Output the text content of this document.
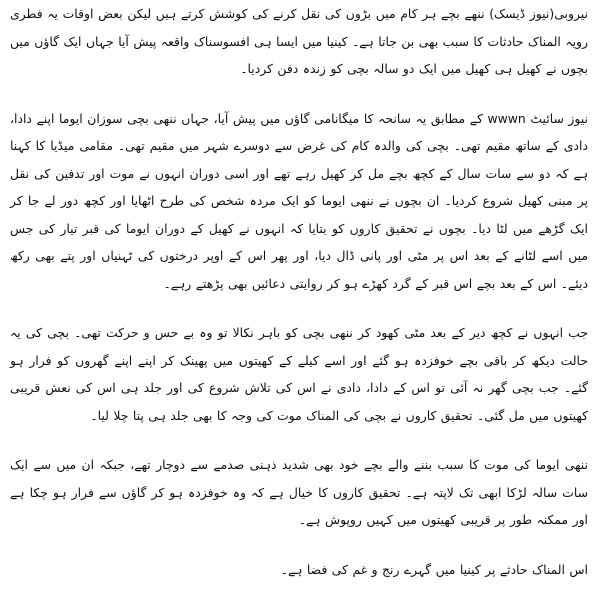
نیروبی(نیوز ڈیسک) ننھے بچے ہر کام میں بڑوں کی نقل کرنے کی کوشش کرتے ہیں لیکن بعض اوقات یہ فطری رویہ المناک حادثات کا سبب بھی بن جاتا ہے۔ کینیا میں ایسا ہی افسوسناک واقعہ پیش آیا جہاں ایک گاؤں میں بچوں نے کھیل ہی کھیل میں ایک دو سالہ بچی کو زندہ دفن کردیا۔

نیوز سائیٹ wwwn کے مطابق یہ سانحہ کا میگانامی گاؤں میں پیش آیا، جہاں ننھی بچی سوزان ایوما اپنے دادا، دادی کے ساتھ مقیم تھی۔ بچی کی والدہ کام کی غرض سے دوسرے شہر میں مقیم تھی۔ مقامی میڈیا کا کہنا ہے کہ دو سے سات سال کے کچھ بچے مل کر کھیل رہے تھے اور اسی دوران انہوں نے موت اور تدفین کی نقل پر مبنی کھیل شروع کردیا۔ ان بچوں نے ننھی ایوما کو ایک مردہ شخص کی طرح اٹھایا اور کچھ دور لے جا کر ایک گڑھے میں لٹا دیا۔ بچوں نے تحقیق کاروں کو بتایا کہ انہوں نے کھیل کے دوران ایوما کی قبر تیار کی جس میں اسے لٹانے کے بعد اس پر مٹی اور پانی ڈال دیا، اور پھر اس کے اوپر درختوں کی ٹہنیاں اور پتے بھی رکھ دیئے۔ اس کے بعد بچے اس قبر کے گرد کھڑے ہو کر روایتی دعائیں بھی پڑھتے رہے۔

جب انہوں نے کچھ دیر کے بعد مٹی کھود کر ننھی بچی کو باہر نکالا تو وہ بے حس و حرکت تھی۔ بچی کی یہ حالت دیکھ کر باقی بچے خوفزدہ ہو گئے اور اسے کیلے کے کھیتوں میں پھینک کر اپنے اپنے گھروں کو فرار ہو گئے۔ جب بچی گھر نہ آئی تو اس کے دادا، دادی نے اس کی تلاش شروع کی اور جلد ہی اس کی نعش قریبی کھیتوں میں مل گئی۔ تحقیق کاروں نے بچی کی المناک موت کی وجہ کا بھی جلد ہی پتا چلا لیا۔

ننھی ایوما کی موت کا سبب بننے والے بچے خود بھی شدید ذہنی صدمے سے دوچار تھے، جبکہ ان میں سے ایک سات سالہ لڑکا ابھی تک لاپتہ ہے۔ تحقیق کاروں کا خیال ہے کہ وہ خوفزدہ ہو کر گاؤں سے فرار ہو چکا ہے اور ممکنہ طور پر قریبی کھیتوں میں کہیں روپوش ہے۔

اس المناک حادثے پر کینیا میں گہرے رنج و غم کی فضا ہے۔
